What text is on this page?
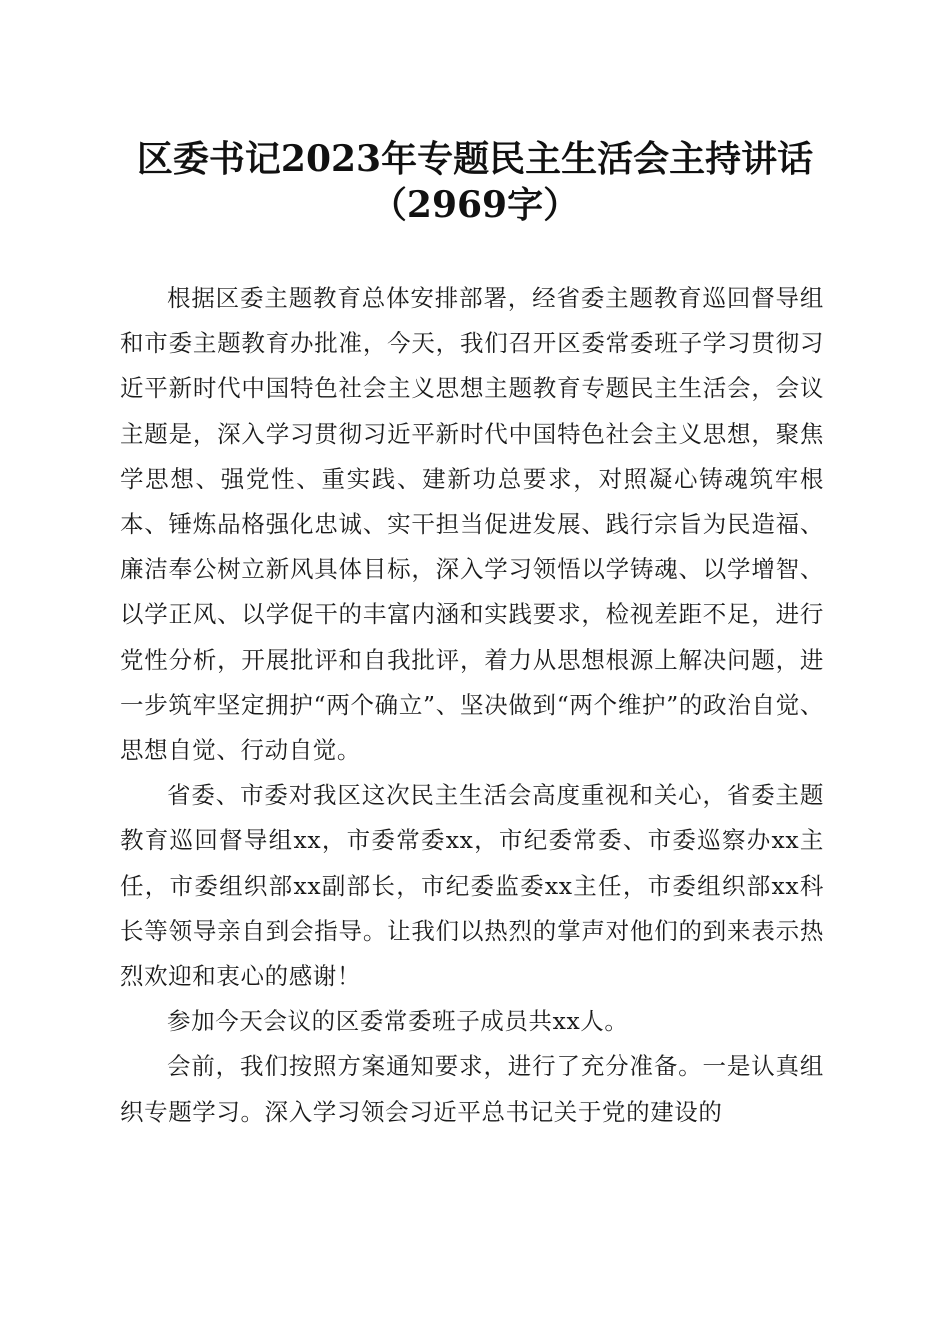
区委书记2023年专题民主生活会主持讲话
（2969字）

根据区委主题教育总体安排部署，经省委主题教育巡回督导组和市委主题教育办批准，今天，我们召开区委常委班子学习贯彻习近平新时代中国特色社会主义思想主题教育专题民主生活会，会议主题是，深入学习贯彻习近平新时代中国特色社会主义思想，聚焦学思想、强党性、重实践、建新功总要求，对照凝心铸魂筑牢根本、锤炼品格强化忠诚、实干担当促进发展、践行宗旨为民造福、廉洁奉公树立新风具体目标，深入学习领悟以学铸魂、以学增智、以学正风、以学促干的丰富内涵和实践要求，检视差距不足，进行党性分析，开展批评和自我批评，着力从思想根源上解决问题，进一步筑牢坚定拥护“两个确立”、坚决做到“两个维护”的政治自觉、思想自觉、行动自觉。

省委、市委对我区这次民主生活会高度重视和关心，省委主题教育巡回督导组xx，市委常委xx，市纪委常委、市委巡察办xx主任，市委组织部xx副部长，市纪委监委xx主任，市委组织部xx科长等领导亲自到会指导。让我们以热烈的掌声对他们的到来表示热烈欢迎和衷心的感谢！

参加今天会议的区委常委班子成员共xx人。

会前，我们按照方案通知要求，进行了充分准备。一是认真组织专题学习。深入学习领会习近平总书记关于党的建设的
